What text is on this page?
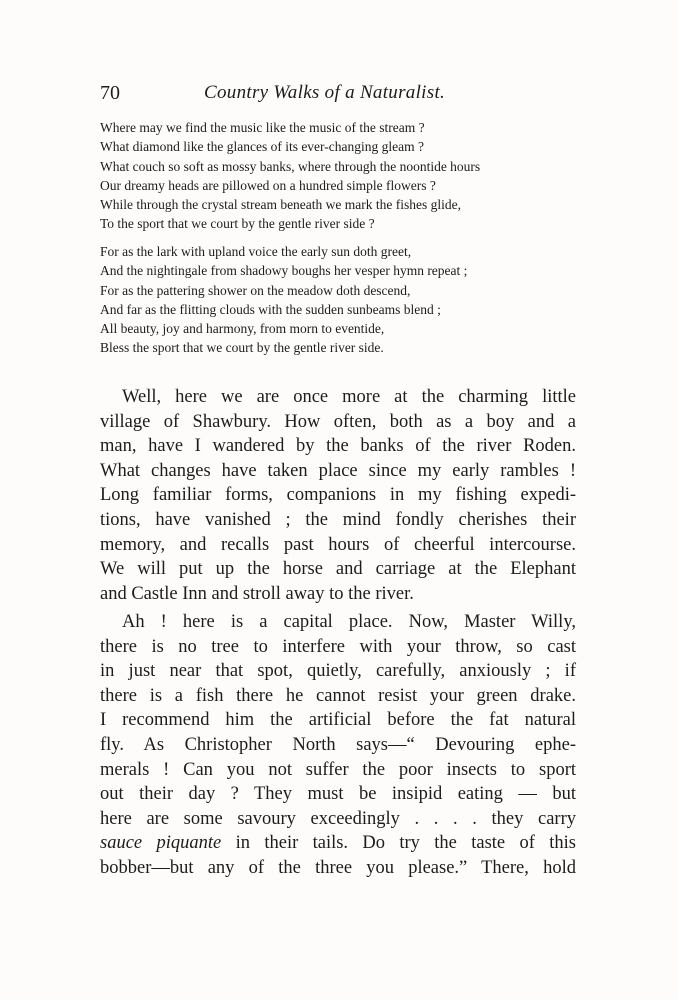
70	Country Walks of a Naturalist.
Where may we find the music like the music of the stream ?
What diamond like the glances of its ever-changing gleam ?
What couch so soft as mossy banks, where through the noontide hours
Our dreamy heads are pillowed on a hundred simple flowers ?
While through the crystal stream beneath we mark the fishes glide,
To the sport that we court by the gentle river side ?
For as the lark with upland voice the early sun doth greet,
And the nightingale from shadowy boughs her vesper hymn repeat ;
For as the pattering shower on the meadow doth descend,
And far as the flitting clouds with the sudden sunbeams blend ;
All beauty, joy and harmony, from morn to eventide,
Bless the sport that we court by the gentle river side.
Well, here we are once more at the charming little
village of Shawbury. How often, both as a boy and a
man, have I wandered by the banks of the river Roden.
What changes have taken place since my early rambles !
Long familiar forms, companions in my fishing expedi-
tions, have vanished ; the mind fondly cherishes their
memory, and recalls past hours of cheerful intercourse.
We will put up the horse and carriage at the Elephant
and Castle Inn and stroll away to the river.
Ah ! here is a capital place. Now, Master Willy,
there is no tree to interfere with your throw, so cast
in just near that spot, quietly, carefully, anxiously ; if
there is a fish there he cannot resist your green drake.
I recommend him the artificial before the fat natural
fly. As Christopher North says—“ Devouring ephe-
merals ! Can you not suffer the poor insects to sport
out their day ? They must be insipid eating — but
here are some savoury exceedingly . . . . they carry
sauce piquante in their tails. Do try the taste of this
bobber—but any of the three you please.” There, hold
